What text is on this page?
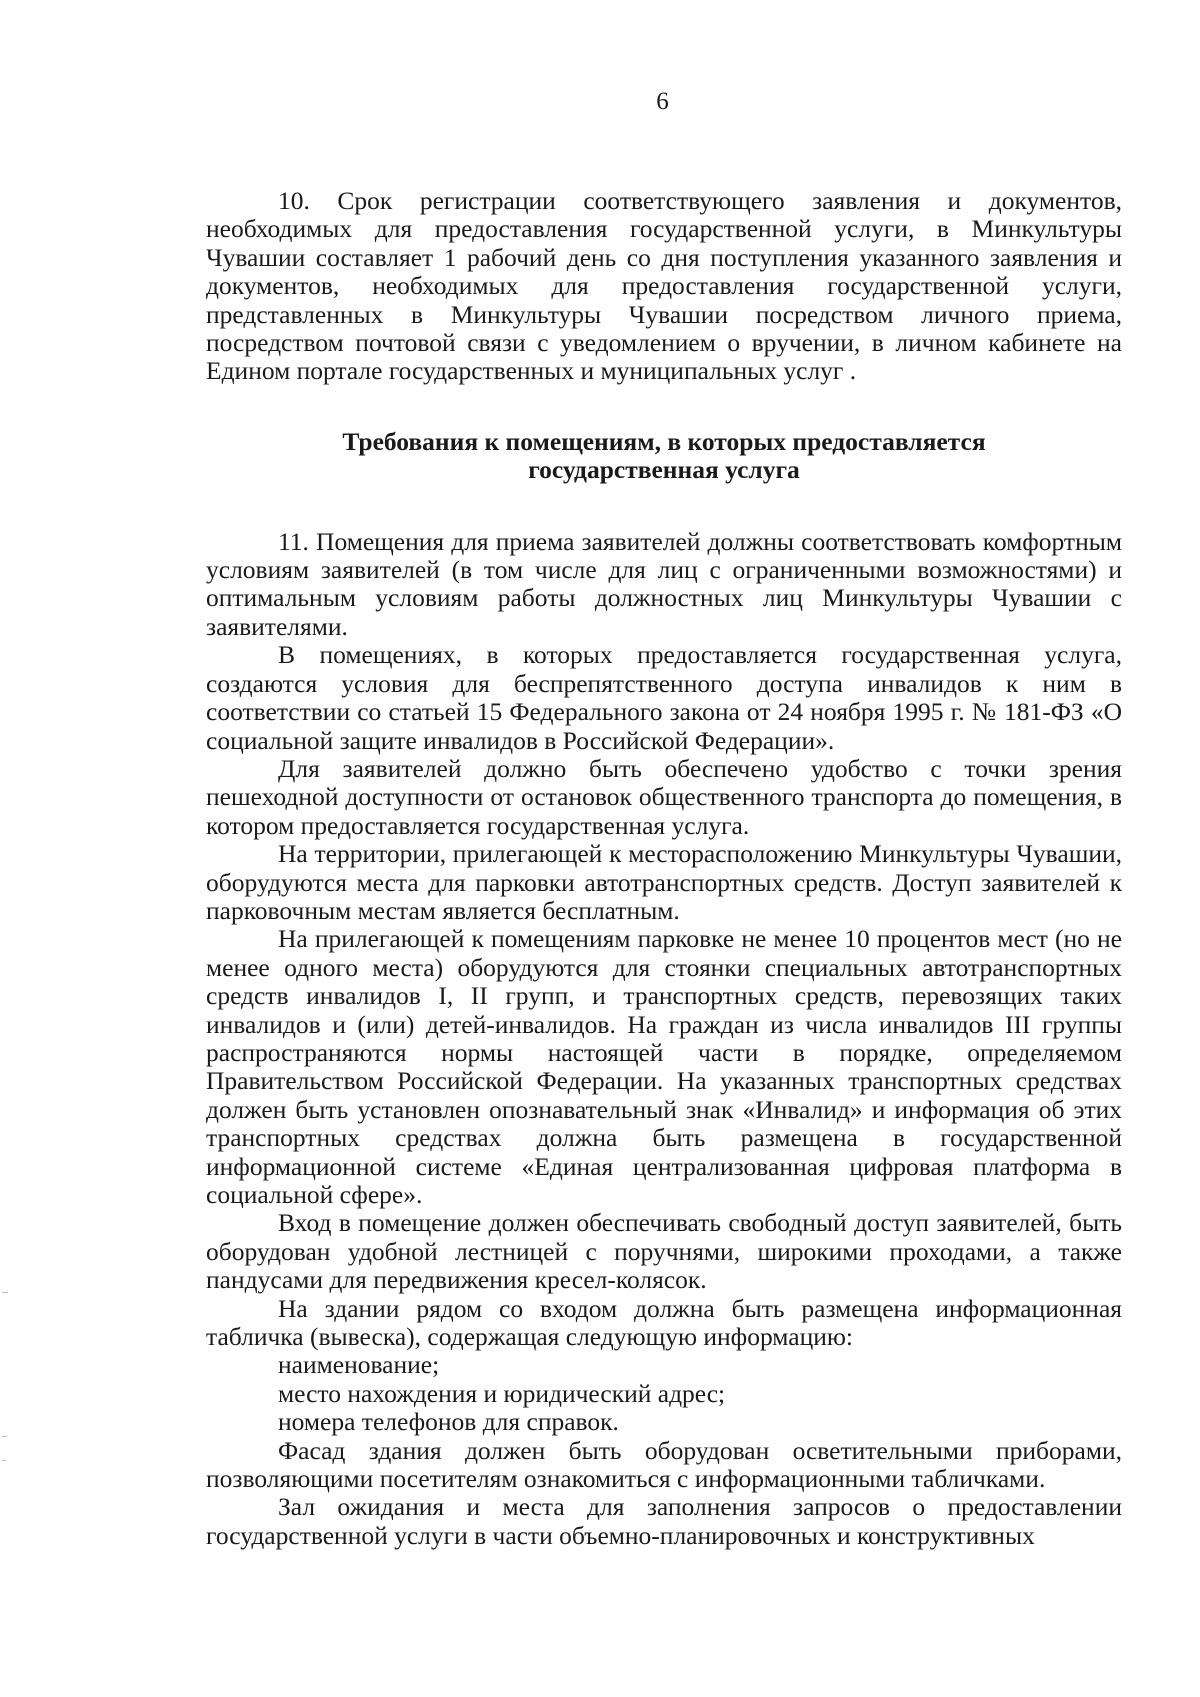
6

10. Срок регистрации соответствующего заявления и документов, необходимых для предоставления государственной услуги, в Минкультуры Чувашии составляет 1 рабочий день со дня поступления указанного заявления и документов, необходимых для предоставления государственной услуги, представленных в Минкультуры Чувашии посредством личного приема, посредством почтовой связи с уведомлением о вручении, в личном кабинете на Едином портале государственных и муниципальных услуг .

Требования к помещениям, в которых предоставляется
государственная услуга

11. Помещения для приема заявителей должны соответствовать комфортным условиям заявителей (в том числе для лиц с ограниченными возможностями) и оптимальным условиям работы должностных лиц Минкультуры Чувашии с заявителями.

В помещениях, в которых предоставляется государственная услуга, создаются условия для беспрепятственного доступа инвалидов к ним в соответствии со статьей 15 Федерального закона от 24 ноября 1995 г. № 181-ФЗ «О социальной защите инвалидов в Российской Федерации».

Для заявителей должно быть обеспечено удобство с точки зрения пешеходной доступности от остановок общественного транспорта до помещения, в котором предоставляется государственная услуга.

На территории, прилегающей к месторасположению Минкультуры Чувашии, оборудуются места для парковки автотранспортных средств. Доступ заявителей к парковочным местам является бесплатным.

На прилегающей к помещениям парковке не менее 10 процентов мест (но не менее одного места) оборудуются для стоянки специальных автотранспортных средств инвалидов I, II групп, и транспортных средств, перевозящих таких инвалидов и (или) детей-инвалидов. На граждан из числа инвалидов III группы распространяются нормы настоящей части в порядке, определяемом Правительством Российской Федерации. На указанных транспортных средствах должен быть установлен опознавательный знак «Инвалид» и информация об этих транспортных средствах должна быть размещена в государственной информационной системе «Единая централизованная цифровая платформа в социальной сфере».

Вход в помещение должен обеспечивать свободный доступ заявителей, быть оборудован удобной лестницей с поручнями, широкими проходами, а также пандусами для передвижения кресел-колясок.

На здании рядом со входом должна быть размещена информационная табличка (вывеска), содержащая следующую информацию:

наименование;

место нахождения и юридический адрес;

номера телефонов для справок.

Фасад здания должен быть оборудован осветительными приборами, позволяющими посетителям ознакомиться с информационными табличками.

Зал ожидания и места для заполнения запросов о предоставлении государственной услуги в части объемно-планировочных и конструктивных
